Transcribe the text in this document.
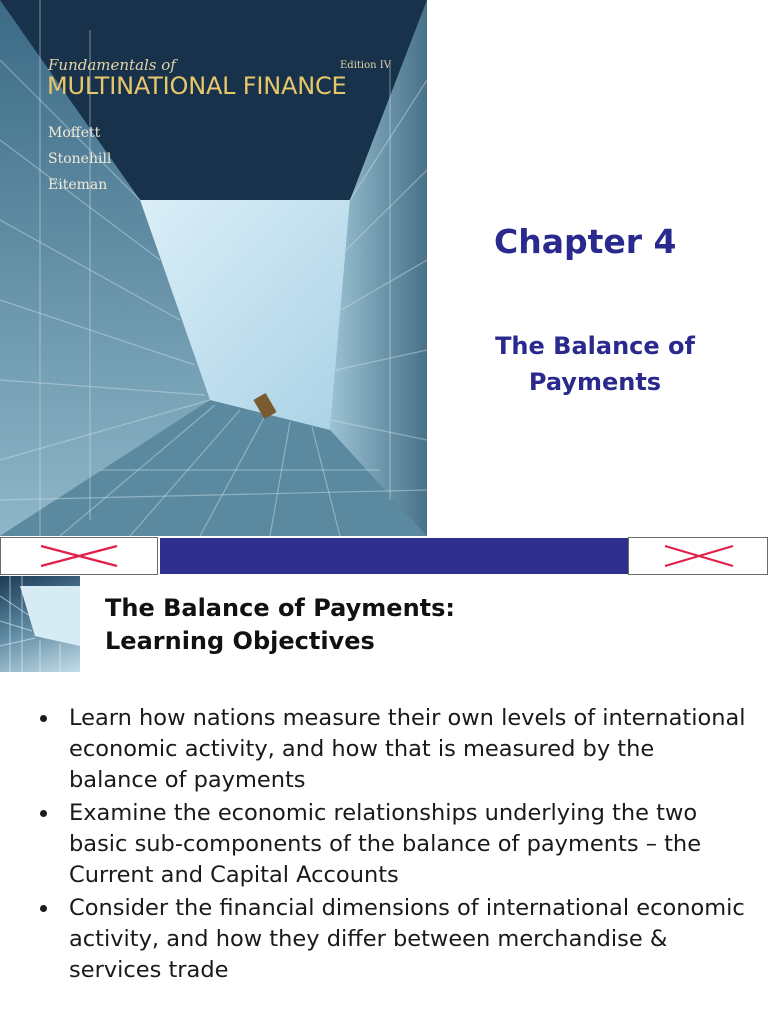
Fundamentals of	Edition IV

MULTINATIONAL FINANCE
Moffett
Stonehill
Eiteman
Chapter 4

The Balance of Payments

The Balance of Payments:
Learning Objectives
Learn how nations measure their own levels of international economic activity, and how that is measured by the balance of payments
Examine the economic relationships underlying the two basic sub-components of the balance of payments – the Current and Capital Accounts
Consider the financial dimensions of international economic activity, and how they differ between merchandise & services trade
